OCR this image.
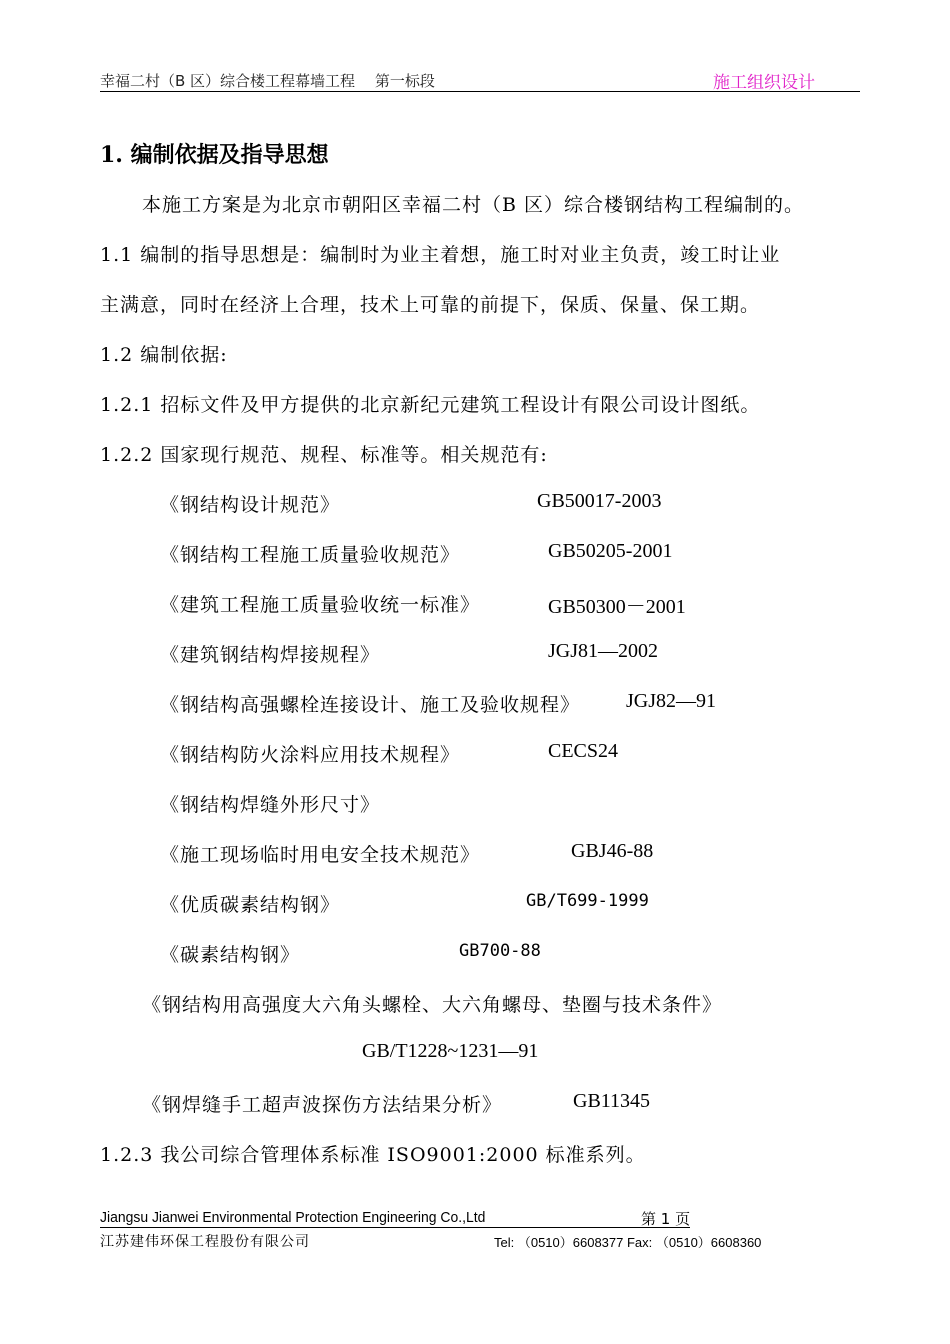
幸福二村（B 区）综合楼工程幕墙工程　 第一标段	施工组织设计
1. 编制依据及指导思想
本施工方案是为北京市朝阳区幸福二村（B 区）综合楼钢结构工程编制的。
1.1 编制的指导思想是：编制时为业主着想，施工时对业主负责，竣工时让业
主满意，同时在经济上合理，技术上可靠的前提下，保质、保量、保工期。
1.2 编制依据:
1.2.1 招标文件及甲方提供的北京新纪元建筑工程设计有限公司设计图纸。
1.2.2 国家现行规范、规程、标准等。相关规范有:
《钢结构设计规范》	GB50017-2003
《钢结构工程施工质量验收规范》	GB50205-2001
《建筑工程施工质量验收统一标准》	GB50300－2001
《建筑钢结构焊接规程》	JGJ81—2002
《钢结构高强螺栓连接设计、施工及验收规程》 JGJ82—91
《钢结构防火涂料应用技术规程》	CECS24
《钢结构焊缝外形尺寸》
《施工现场临时用电安全技术规范》	GBJ46-88
《优质碳素结构钢》	GB/T699-1999
《碳素结构钢》	GB700-88
《钢结构用高强度大六角头螺栓、大六角螺母、垫圈与技术条件》
GB/T1228~1231—91
《钢焊缝手工超声波探伤方法结果分析》	GB11345
1.2.3 我公司综合管理体系标准 ISO9001:2000 标准系列。
Jiangsu Jianwei Environmental Protection Engineering Co.,Ltd	第 1 页
江苏建伟环保工程股份有限公司	Tel: （0510）6608377 Fax: （0510）6608360
